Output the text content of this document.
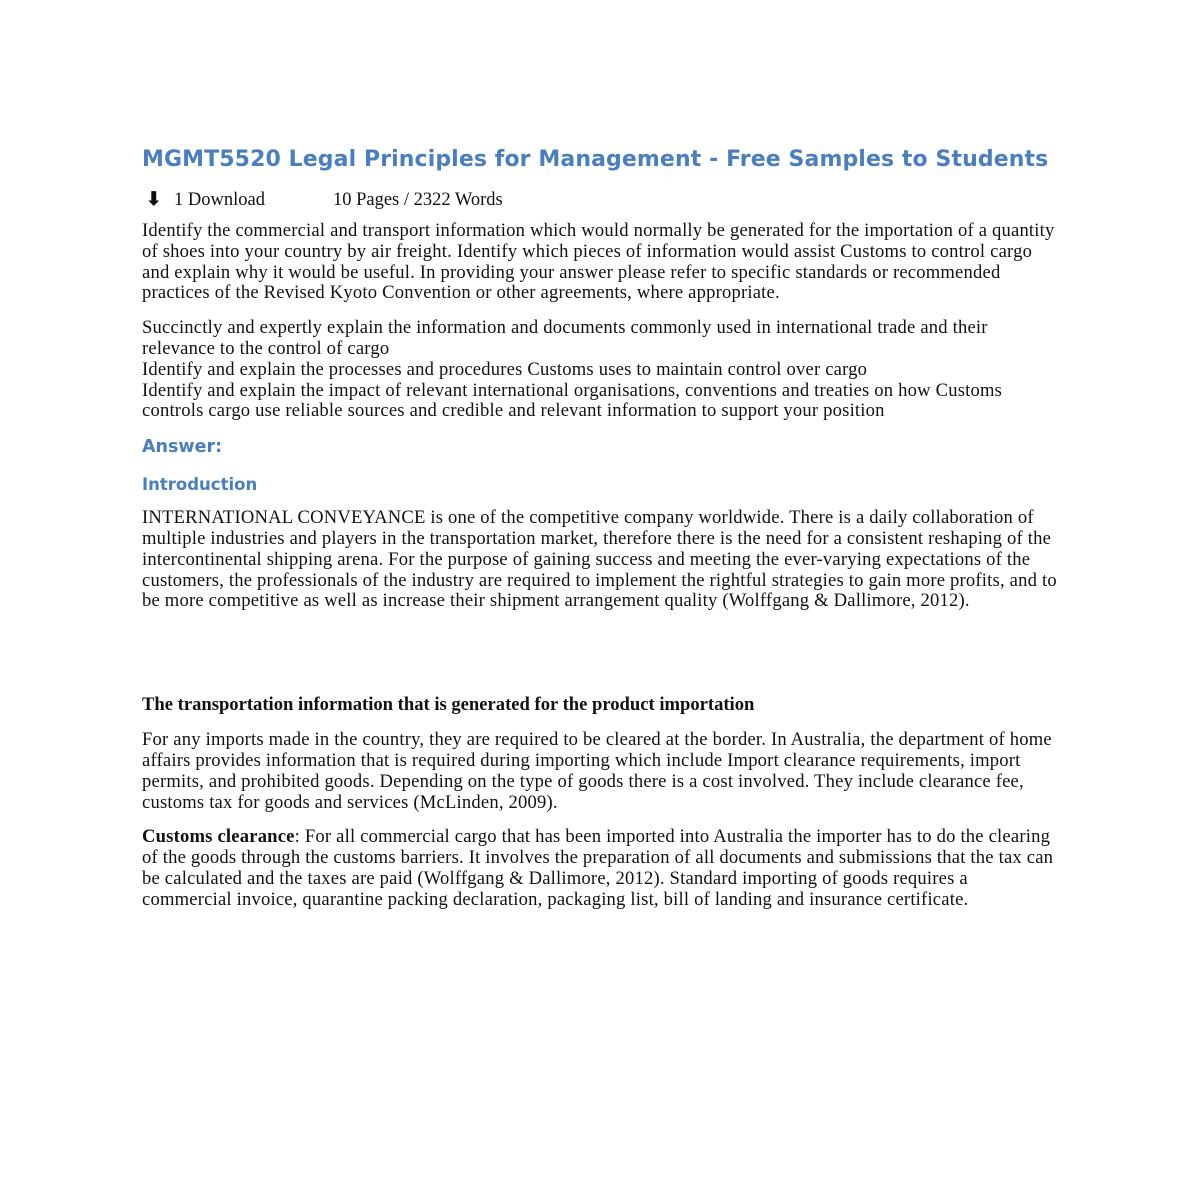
MGMT5520 Legal Principles for Management - Free Samples to Students
⬇ 1 Download	10 Pages / 2322 Words

Identify the commercial and transport information which would normally be generated for the importation of a quantity of shoes into your country by air freight. Identify which pieces of information would assist Customs to control cargo and explain why it would be useful. In providing your answer please refer to specific standards or recommended practices of the Revised Kyoto Convention or other agreements, where appropriate.

Succinctly and expertly explain the information and documents commonly used in international trade and their relevance to the control of cargo
Identify and explain the processes and procedures Customs uses to maintain control over cargo
Identify and explain the impact of relevant international organisations, conventions and treaties on how Customs controls cargo use reliable sources and credible and relevant information to support your position

Answer:
Introduction

INTERNATIONAL CONVEYANCE is one of the competitive company worldwide. There is a daily collaboration of multiple industries and players in the transportation market, therefore there is the need for a consistent reshaping of the intercontinental shipping arena. For the purpose of gaining success and meeting the ever-varying expectations of the customers, the professionals of the industry are required to implement the rightful strategies to gain more profits, and to be more competitive as well as increase their shipment arrangement quality (Wolffgang & Dallimore, 2012).

The transportation information that is generated for the product importation

For any imports made in the country, they are required to be cleared at the border. In Australia, the department of home affairs provides information that is required during importing which include Import clearance requirements, import permits, and prohibited goods. Depending on the type of goods there is a cost involved. They include clearance fee, customs tax for goods and services (McLinden, 2009).

Customs clearance: For all commercial cargo that has been imported into Australia the importer has to do the clearing of the goods through the customs barriers. It involves the preparation of all documents and submissions that the tax can be calculated and the taxes are paid (Wolffgang & Dallimore, 2012). Standard importing of goods requires a commercial invoice, quarantine packing declaration, packaging list, bill of landing and insurance certificate.
